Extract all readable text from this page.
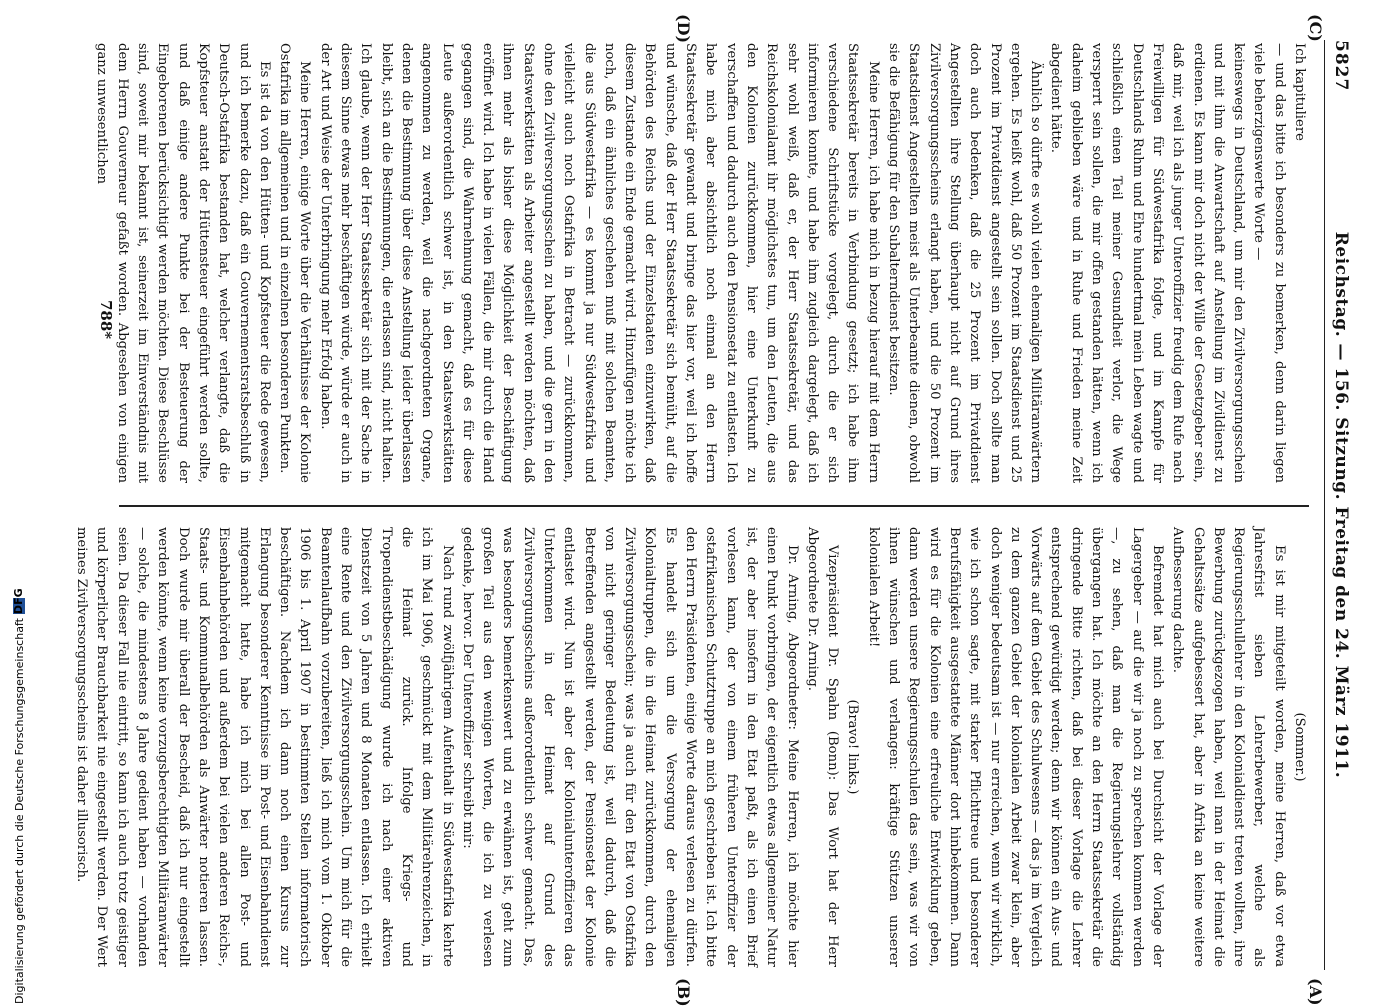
Reichstag. — 156. Sitzung. Freitag den 24. März 1911.
5827
(C)
(D)
(A)
(B)

Ich kapituliere

— und das bitte ich besonders zu bemerken, denn darin liegen viele beherzigenswerte Worte —

keineswegs in Deutschland, um mir den Zivilversorgungsschein und mit ihm die Anwartschaft auf Anstellung im Zivildienst zu erdienen. Es kann mir doch nicht der Wille der Gesetzgeber sein, daß mir, weil ich als junger Unteroffizier freudig dem Rufe nach Freiwilligen für Südwestafrika folgte, und im Kampfe für Deutschlands Ruhm und Ehre hundertmal mein Leben wagte und schließlich einen Teil meiner Gesundheit verlor, die Wege versperrt sein sollen, die mir offen gestanden hätten, wenn ich daheim geblieben wäre und in Ruhe und Frieden meine Zeit abgedient hätte.

Ähnlich so dürfte es wohl vielen ehemaligen Militäranwärtern ergehen. Es heißt wohl, daß 50 Prozent im Staatsdienst und 25 Prozent im Privatdienst angestellt sein sollen. Doch sollte man doch auch bedenken, daß die 25 Prozent im Privatdienst Angestellten ihre Stellung überhaupt nicht auf Grund ihres Zivilversorgungsscheins erlangt haben, und die 50 Prozent im Staatsdienst Angestellten meist als Unterbeamte dienen, obwohl sie die Befähigung für den Subalterndienst besitzen.

Meine Herren, ich habe mich in bezug hierauf mit dem Herrn Staatssekretär bereits in Verbindung gesetzt; ich habe ihm verschiedene Schriftstücke vorgelegt, durch die er sich informieren konnte, und habe ihm zugleich dargelegt, daß ich sehr wohl weiß, daß er, der Herr Staatssekretär, und das Reichskolonialamt ihr möglichstes tun, um den Leuten, die aus den Kolonien zurückkommen, hier eine Unterkunft zu verschaffen und dadurch auch den Pensionsetat zu entlasten. Ich habe mich aber absichtlich noch einmal an den Herrn Staatssekretär gewandt und bringe das hier vor, weil ich hoffe und wünsche, daß der Herr Staatssekretär sich bemüht, auf die Behörden des Reichs und der Einzelstaaten einzuwirken, daß diesem Zustande ein Ende gemacht wird. Hinzufügen möchte ich noch, daß ein ähnliches geschehen muß mit solchen Beamten, die aus Südwestafrika — es kommt ja nur Südwestafrika und vielleicht auch noch Ostafrika in Betracht — zurückkommen, ohne den Zivilversorgungsschein zu haben, und die gern in den Staatswerkstätten als Arbeiter angestellt werden möchten, daß ihnen mehr als bisher diese Möglichkeit der Beschäftigung eröffnet wird. Ich habe in vielen Fällen, die mir durch die Hand gegangen sind, die Wahrnehmung gemacht, daß es für diese Leute außerordentlich schwer ist, in den Staatswerkstätten angenommen zu werden, weil die nachgeordneten Organe, denen die Bestimmung über diese Anstellung leider überlassen bleibt, sich an die Bestimmungen, die erlassen sind, nicht halten. Ich glaube, wenn der Herr Staatssekretär sich mit der Sache in diesem Sinne etwas mehr beschäftigen würde, würde er auch in der Art und Weise der Unterbringung mehr Erfolg haben.

Meine Herren, einige Worte über die Verhältnisse der Kolonie Ostafrika im allgemeinen und in einzelnen besonderen Punkten.

Es ist da von den Hütten- und Kopfsteuer die Rede gewesen, und ich bemerke dazu, daß ein Gouvernementsratsbeschluß in Deutsch-Ostafrika bestanden hat, welcher verlangte, daß die Kopfsteuer anstatt der Hüttensteuer eingeführt werden sollte, und daß einige andere Punkte bei der Besteuerung der Eingeborenen berücksichtigt werden möchten. Diese Beschlüsse sind, soweit mir bekannt ist, seinerzeit im Einverständnis mit dem Herrn Gouverneur gefaßt worden. Abgesehen von einigen ganz unwesentlichen

(Sommer.)

Es ist mir mitgeteilt worden, meine Herren, daß vor etwa Jahresfrist sieben Lehrerbewerber, welche als Regierungsschullehrer in den Kolonialdienst treten wollten, ihre Bewerbung zurückgezogen haben, weil man in der Heimat die Gehaltssätze aufgebessert hat, aber in Afrika an keine weitere Aufbesserung dachte.

Befremdet hat mich auch bei Durchsicht der Vorlage der Lagergeber — auf die wir ja noch zu sprechen kommen werden —, zu sehen, daß man die Regierungslehrer vollständig übergangen hat. Ich möchte an den Herrn Staatssekretär die dringende Bitte richten, daß bei dieser Vorlage die Lehrer entsprechend gewürdigt werden; denn wir können ein Aus- und Vorwärts auf dem Gebiet des Schulwesens — das ja im Vergleich zu dem ganzen Gebiet der kolonialen Arbeit zwar klein, aber doch weniger bedeutsam ist — nur erreichen, wenn wir wirklich, wie ich schon sagte, mit starker Pflichttreue und besonderer Berufsfähigkeit ausgestattete Männer dort hinbekommen. Dann wird es für die Kolonien eine erfreuliche Entwicklung geben, dann werden unsere Regierungsschulen das sein, was wir von ihnen wünschen und verlangen: kräftige Stützen unserer kolonialen Arbeit!

(Bravo! links.)

Vizepräsident Dr. Spahn (Bonn): Das Wort hat der Herr Abgeordnete Dr. Arning.

Dr. Arning, Abgeordneter: Meine Herren, ich möchte hier einen Punkt vorbringen, der eigentlich etwas allgemeiner Natur ist, der aber insofern in den Etat paßt, als ich einen Brief vorlesen kann, der von einem früheren Unteroffizier der ostafrikanischen Schutztruppe an mich geschrieben ist. Ich bitte den Herrn Präsidenten, einige Worte daraus verlesen zu dürfen. Es handelt sich um die Versorgung der ehemaligen Kolonialtruppen, die in die Heimat zurückkommen, durch den Zivilversorgungsschein; was ja auch für den Etat von Ostafrika von nicht geringer Bedeutung ist, weil dadurch, daß die Betreffenden angestellt werden, der Pensionsetat der Kolonie entlastet wird. Nun ist aber der Kolonialunteroffizieren das Unterkommen in der Heimat auf Grund des Zivilversorgungsscheins außerordentlich schwer gemacht. Das, was besonders bemerkenswert und zu erwähnen ist, geht zum großen Teil aus den wenigen Worten, die ich zu verlesen gedenke, hervor. Der Unteroffizier schreibt mir:

Nach rund zwölfjährigem Aufenthalt in Südwestafrika kehrte ich im Mai 1906, geschmückt mit dem Militärehrenzeichen, in die Heimat zurück. Infolge Kriegs- und Tropendienstbeschädigung wurde ich nach einer aktiven Dienstzeit von 5 Jahren und 8 Monaten entlassen. Ich erhielt eine Rente und den Zivilversorgungsschein. Um mich für die Beamtenlaufbahn vorzubereiten, ließ ich mich vom 1. Oktober 1906 bis 1. April 1907 in bestimmten Stellen informatorisch beschäftigen. Nachdem ich dann noch einen Kursus zur Erlangung besonderer Kenntnisse im Post- und Eisenbahndienst mitgemacht hatte, habe ich mich bei allen Post- und Eisenbahnbehörden und außerdem bei vielen anderen Reichs-, Staats- und Kommunalbehörden als Anwärter notieren lassen. Doch wurde mir überall der Bescheid, daß ich nur eingestellt werden könnte, wenn keine vorzugsberechtigten Militäranwärter — solche, die mindestens 8 Jahre gedient haben — vorhanden seien. Da dieser Fall nie eintritt, so kann ich auch trotz geistiger und körperlicher Brauchbarkeit nie eingestellt werden. Der Wert meines Zivilversorgungsscheins ist daher illusorisch.

788*
Digitalisierung gefördert durch die Deutsche ForschungsgemeinschaftDFG
